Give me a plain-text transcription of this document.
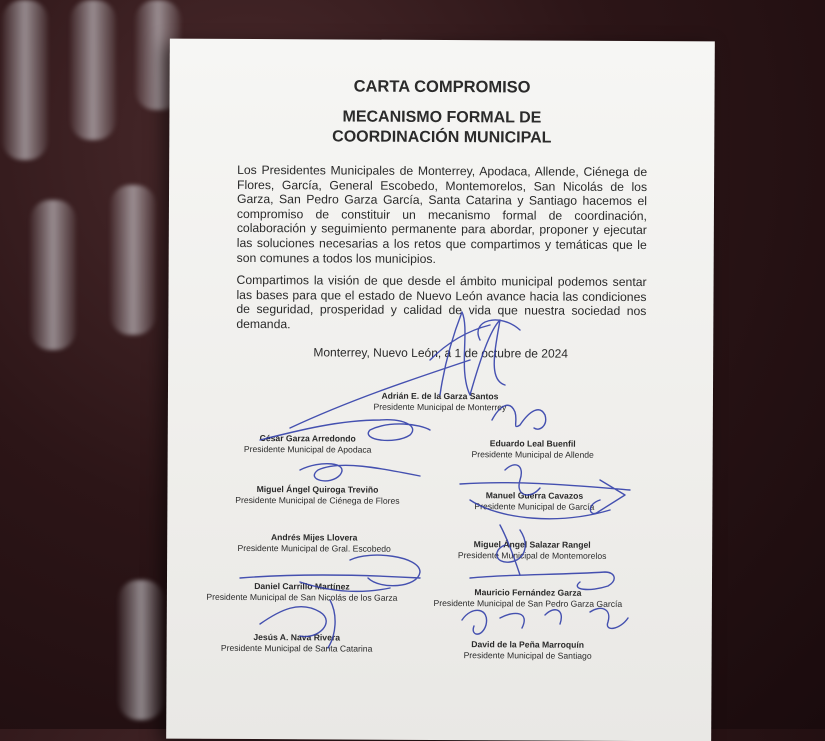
CARTA COMPROMISO
MECANISMO FORMAL DE
COORDINACIÓN MUNICIPAL
Los Presidentes Municipales de Monterrey, Apodaca, Allende, Ciénega de Flores, García, General Escobedo, Montemorelos, San Nicolás de los Garza, San Pedro Garza García, Santa Catarina y Santiago hacemos el compromiso de constituir un mecanismo formal de coordinación, colaboración y seguimiento permanente para abordar, proponer y ejecutar las soluciones necesarias a los retos que compartimos y temáticas que le son comunes a todos los municipios.
Compartimos la visión de que desde el ámbito municipal podemos sentar las bases para que el estado de Nuevo León avance hacia las condiciones de seguridad, prosperidad y calidad de vida que nuestra sociedad nos demanda.
Monterrey, Nuevo León, a 1 de octubre de 2024
Adrián E. de la Garza Santos
Presidente Municipal de Monterrey
César Garza Arredondo
Presidente Municipal de Apodaca
Eduardo Leal Buenfil
Presidente Municipal de Allende
Miguel Ángel Quiroga Treviño
Presidente Municipal de Ciénega de Flores	Manuel Guerra Cavazos
Presidente Municipal de García
Andrés Mijes Llovera
Presidente Municipal de Gral. Escobedo	Miguel Ángel Salazar Rangel
Presidente Municipal de Montemorelos
Daniel Carrillo Martínez
Presidente Municipal de San Nicolás de los Garza	Mauricio Fernández Garza
Presidente Municipal de San Pedro Garza García
Jesús A. Nava Rivera
Presidente Municipal de Santa Catarina	David de la Peña Marroquín
Presidente Municipal de Santiago
